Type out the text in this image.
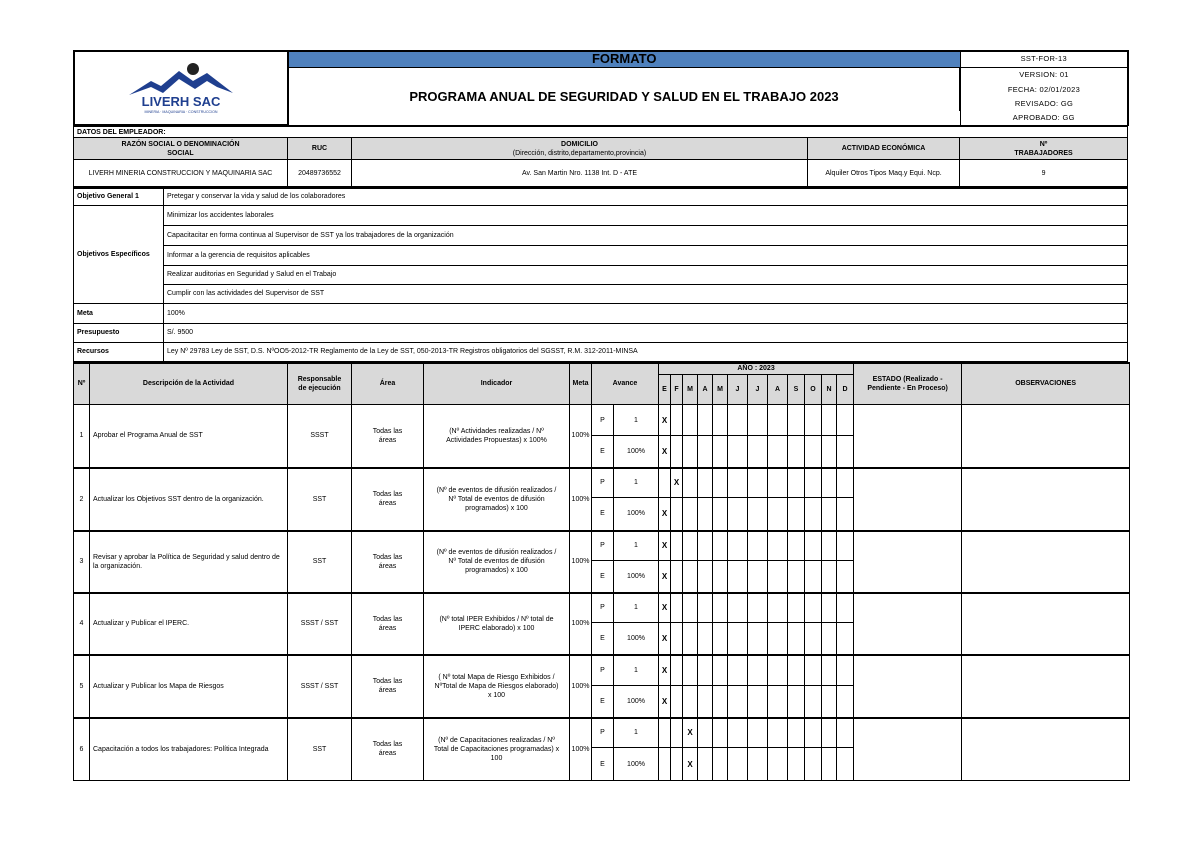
LIVERH SAC
MINERIA · MAQUINARIA · CONSTRUCCION	FORMATO	SST-FOR-13
	PROGRAMA ANUAL DE SEGURIDAD Y SALUD EN EL TRABAJO 2023	VERSION: 01
		FECHA: 02/01/2023
		REVISADO: GG
		APROBADO: GG
DATOS DEL EMPLEADOR:				
RAZÓN SOCIAL O DENOMINACIÓN SOCIAL	RUC	DOMICILIO
(Dirección, distrito,departamento,provincia)	ACTIVIDAD ECONÓMICA	Nº TRABAJADORES
LIVERH MINERIA CONSTRUCCION Y MAQUINARIA SAC	20489736552	Av. San Martin Nro. 1138 Int. D - ATE	Alquiler Otros Tipos Maq.y Equi. Ncp.	9
Objetivo General 1	Pretegar y conservar la vida y salud de los colaboradores
Objetivos Específicos	Minimizar los accidentes laborales
	Capacitacitar en forma continua al Supervisor de SST ya los trabajadores de la organización
	Informar a la gerencia de requisitos aplicables
	Realizar auditorias en Seguridad y Salud en el Trabajo
	Cumplir con las actividades del Supervisor de SST
Meta	100%
Presupuesto	S/. 9500
Recursos	Ley Nº 29783 Ley de SST, D.S. NºOO5-2012-TR Reglamento de la Ley de SST, 050-2013-TR Registros obligatorios del SGSST, R.M. 312-2011-MINSA
Nº	Descripción de la Actividad	Responsable de ejecución	Área	Indicador	Meta	Avance		AÑO : 2023												ESTADO (Realizado - Pendiente - En Proceso)	OBSERVACIONES
								E	F	M	A	M	J	J	A	S	O	N	D		
1	Aprobar el Programa Anual de SST	SSST	Todas las áreas	(Nº Actividades realizadas / Nº Actividades Propuestas) x 100%	100%	P	1	X													
						E	100%	X													
2	Actualizar los Objetivos SST dentro de la organización.	SST	Todas las áreas	(Nº de eventos de difusión realizados / Nº Total de eventos de difusión programados) x 100	100%	P	1		X												
						E	100%	X													
3	Revisar y aprobar la Política de Seguridad y salud dentro de la organización.	SST	Todas las áreas	(Nº de eventos de difusión realizados / Nº Total de eventos de difusión programados) x 100	100%	P	1	X													
						E	100%	X													
4	Actualizar y Publicar el IPERC.	SSST / SST	Todas las áreas	(Nº total IPER Exhibidos / Nº total de IPERC elaborado) x 100	100%	P	1	X													
						E	100%	X													
5	Actualizar y Publicar los Mapa de Riesgos	SSST / SST	Todas las áreas	( Nº total Mapa de Riesgo Exhibidos / NºTotal de Mapa de Riesgos elaborado) x 100	100%	P	1	X													
						E	100%	X													
6	Capacitación a todos los trabajadores: Política Integrada	SST	Todas las áreas	(Nº de Capacitaciones realizadas / Nº Total de Capacitaciones programadas) x 100	100%	P	1			X											
						E	100%			X											
